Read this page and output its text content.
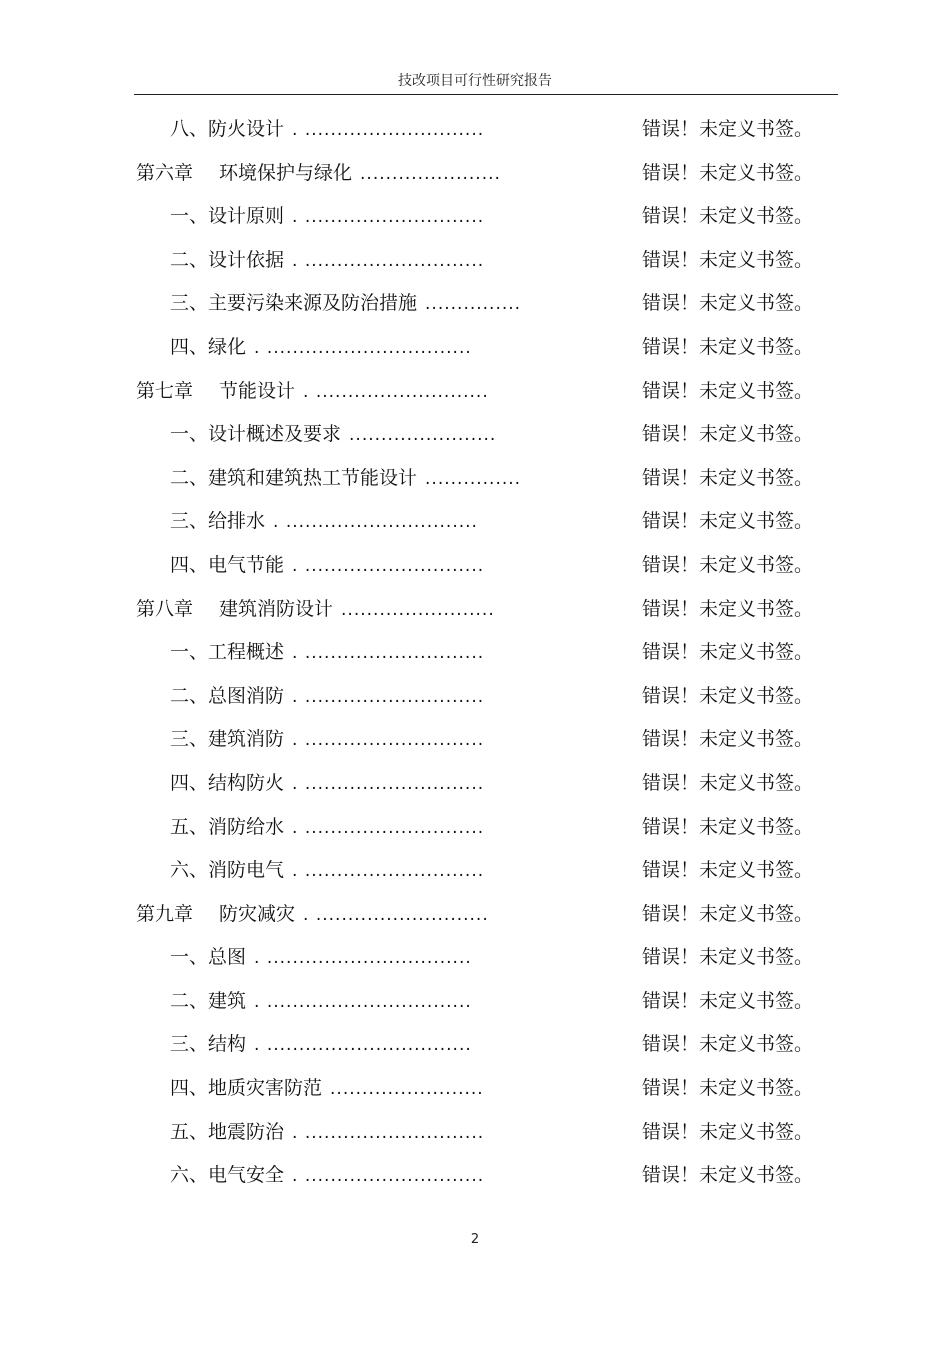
技改项目可行性研究报告
八、防火设计 . ............................	错误！未定义书签。
第六章 环境保护与绿化 ......................	错误！未定义书签。
一、设计原则 . ............................	错误！未定义书签。
二、设计依据 . ............................	错误！未定义书签。
三、主要污染来源及防治措施...............	错误！未定义书签。
四、绿化 . ................................	错误！未定义书签。
第七章 节能设计 . ...........................	错误！未定义书签。
一、设计概述及要求.......................	错误！未定义书签。
二、建筑和建筑热工节能设计...............	错误！未定义书签。
三、给排水 . ..............................	错误！未定义书签。
四、电气节能 . ............................	错误！未定义书签。
第八章 建筑消防设计 ........................	错误！未定义书签。
一、工程概述 . ............................	错误！未定义书签。
二、总图消防 . ............................	错误！未定义书签。
三、建筑消防 . ............................	错误！未定义书签。
四、结构防火 . ............................	错误！未定义书签。
五、消防给水 . ............................	错误！未定义书签。
六、消防电气 . ............................	错误！未定义书签。
第九章 防灾减灾 . ...........................	错误！未定义书签。
一、总图 . ................................	错误！未定义书签。
二、建筑 . ................................	错误！未定义书签。
三、结构 . ................................	错误！未定义书签。
四、地质灾害防范........................	错误！未定义书签。
五、地震防治 . ............................	错误！未定义书签。
六、电气安全 . ............................	错误！未定义书签。
2
